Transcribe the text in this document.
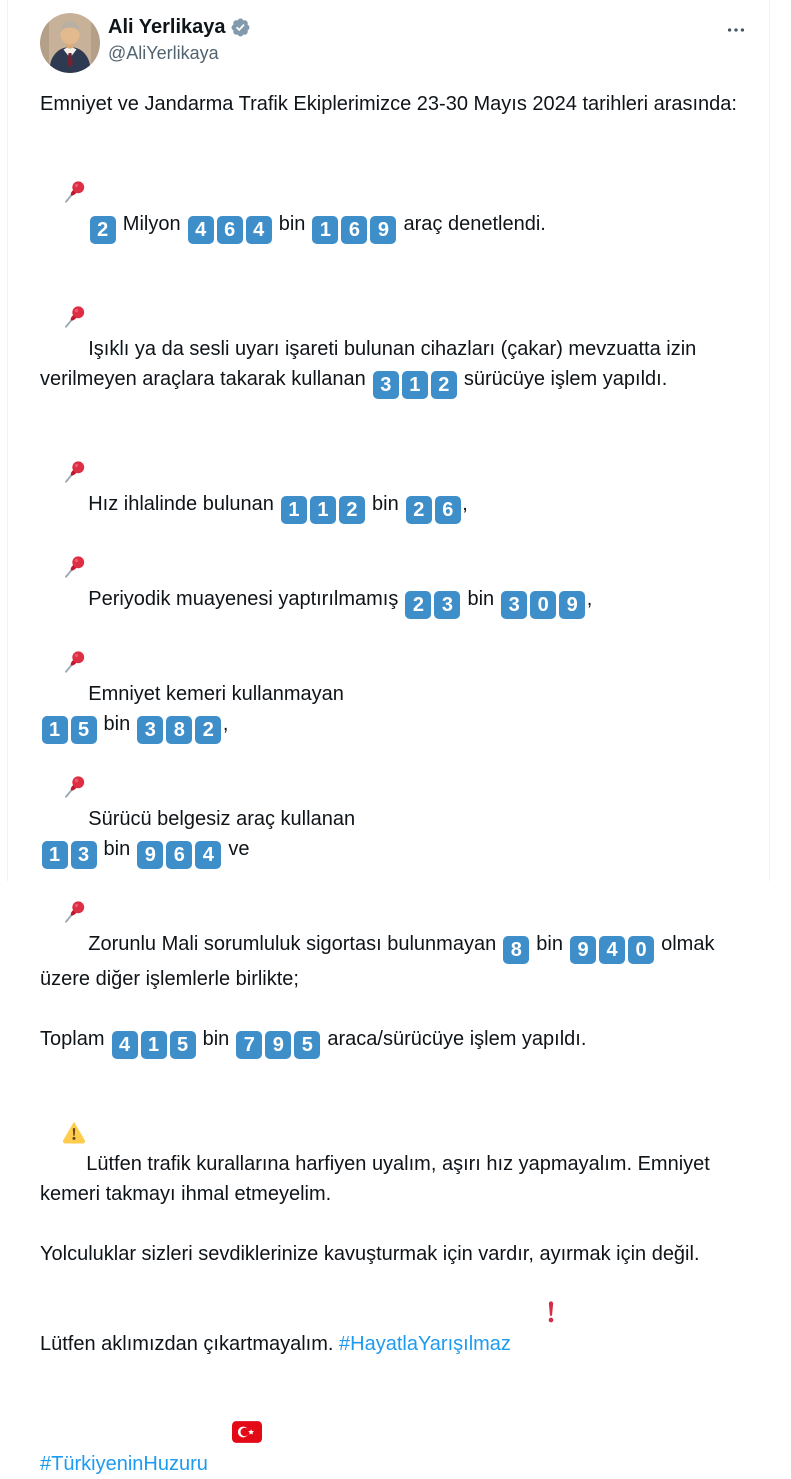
Ali Yerlikaya
@AliYerlikaya

Emniyet ve Jandarma Trafik Ekiplerimizce 23-30 Mayıs 2024 tarihleri arasında:

2 Milyon 4 6 4 bin 1 6 9 araç denetlendi.

Işıklı ya da sesli uyarı işareti bulunan cihazları (çakar) mevzuatta izin verilmeyen araçlara takarak kullanan 3 1 2 sürücüye işlem yapıldı.

Hız ihlalinde bulunan 1 1 2 bin 2 6 ,

Periyodik muayenesi yaptırılmamış 2 3 bin 3 0 9 ,

Emniyet kemeri kullanmayan
1 5 bin 3 8 2 ,

Sürücü belgesiz araç kullanan
1 3 bin 9 6 4 ve

Zorunlu Mali sorumluluk sigortası bulunmayan 8 bin 9 4 0 olmak üzere diğer işlemlerle birlikte;

Toplam 4 1 5 bin 7 9 5 araca/sürücüye işlem yapıldı.

Lütfen trafik kurallarına harfiyen uyalım, aşırı hız yapmayalım. Emniyet kemeri takmayı ihmal etmeyelim.

Yolculuklar sizleri sevdiklerinize kavuşturmak için vardır, ayırmak için değil. Lütfen aklımızdan çıkartmayalım. #HayatlaYarışılmaz

#TürkiyeninHuzuru
